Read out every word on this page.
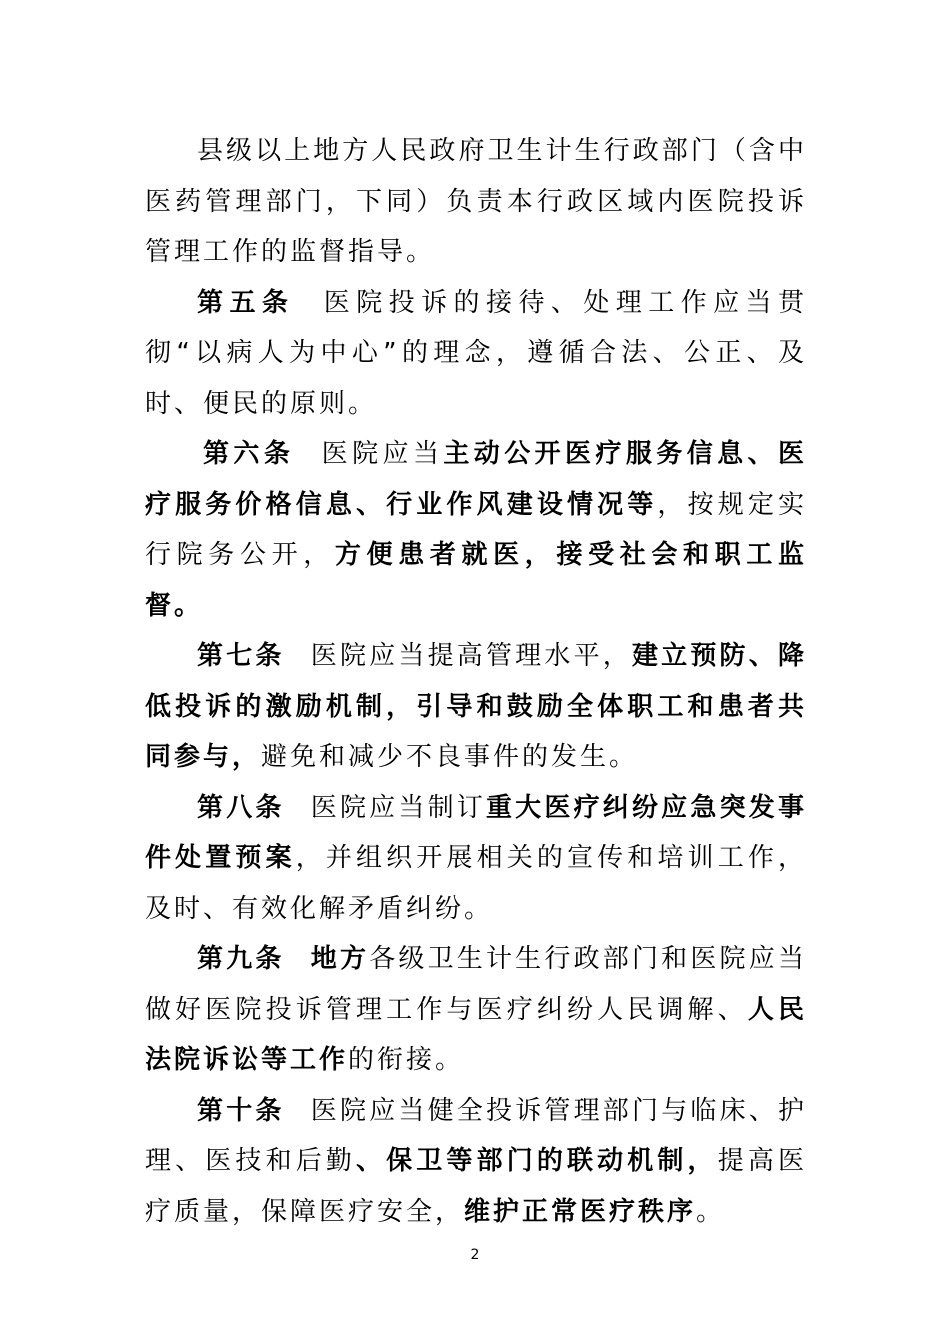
县级以上地方人民政府卫生计生行政部门（含中医药管理部门，下同）负责本行政区域内医院投诉管理工作的监督指导。

第五条 医院投诉的接待、处理工作应当贯彻“以病人为中心”的理念，遵循合法、公正、及时、便民的原则。

第六条 医院应当主动公开医疗服务信息、医疗服务价格信息、行业作风建设情况等，按规定实行院务公开，方便患者就医，接受社会和职工监督。

第七条 医院应当提高管理水平，建立预防、降低投诉的激励机制，引导和鼓励全体职工和患者共同参与，避免和减少不良事件的发生。

第八条 医院应当制订重大医疗纠纷应急突发事件处置预案，并组织开展相关的宣传和培训工作，及时、有效化解矛盾纠纷。

第九条 地方各级卫生计生行政部门和医院应当做好医院投诉管理工作与医疗纠纷人民调解、人民法院诉讼等工作的衔接。

第十条 医院应当健全投诉管理部门与临床、护理、医技和后勤、保卫等部门的联动机制，提高医疗质量，保障医疗安全，维护正常医疗秩序。

2
